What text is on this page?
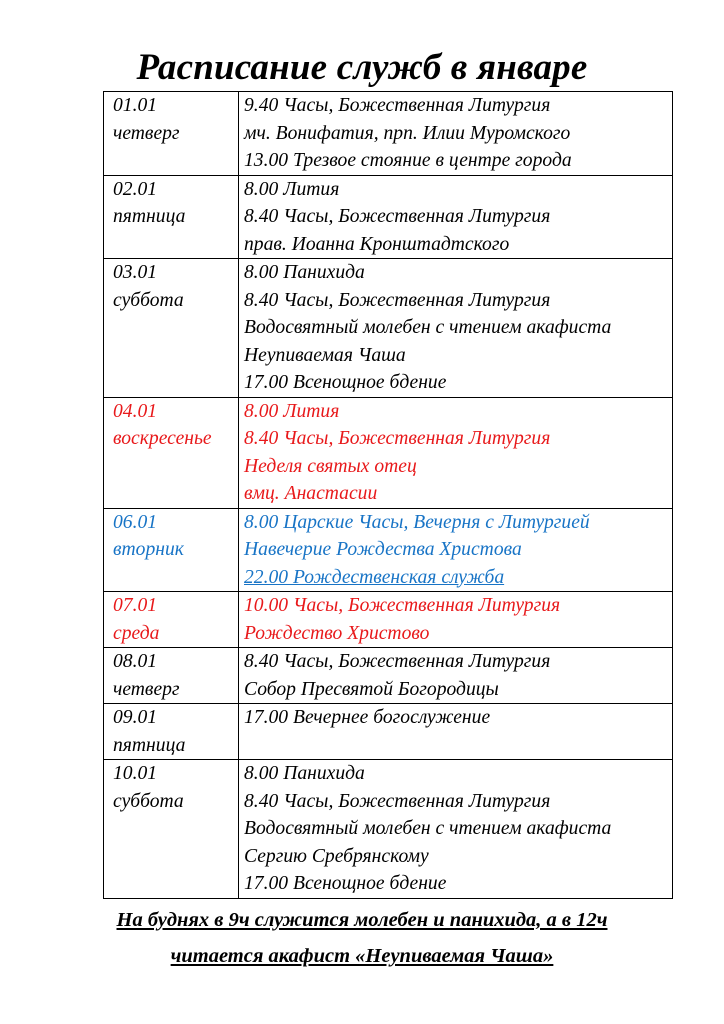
Расписание служб в январе
01.01
четверг	9.40 Часы, Божественная Литургия
мч. Вонифатия, прп. Илии Муромского
13.00 Трезвое стояние в центре города

02.01
пятница	8.00 Лития
8.40 Часы, Божественная Литургия
прав. Иоанна Кронштадтского

03.01
суббота	8.00 Панихида
8.40 Часы, Божественная Литургия
Водосвятный молебен с чтением акафиста
Неупиваемая Чаша
17.00 Всенощное бдение

04.01
воскресенье	8.00 Лития
8.40 Часы, Божественная Литургия
Неделя святых отец
вмц. Анастасии

06.01
вторник	8.00 Царские Часы, Вечерня с Литургией
Навечерие Рождества Христова
22.00 Рождественская служба

07.01
среда	10.00 Часы, Божественная Литургия
Рождество Христово

08.01
четверг	8.40 Часы, Божественная Литургия
Собор Пресвятой Богородицы

09.01
пятница	17.00 Вечернее богослужение

10.01
суббота	8.00 Панихида
8.40 Часы, Божественная Литургия
Водосвятный молебен с чтением акафиста
Сергию Сребрянскому
17.00 Всенощное бдение
На буднях в 9ч служится молебен и панихида, а в 12ч
читается акафист «Неупиваемая Чаша»
